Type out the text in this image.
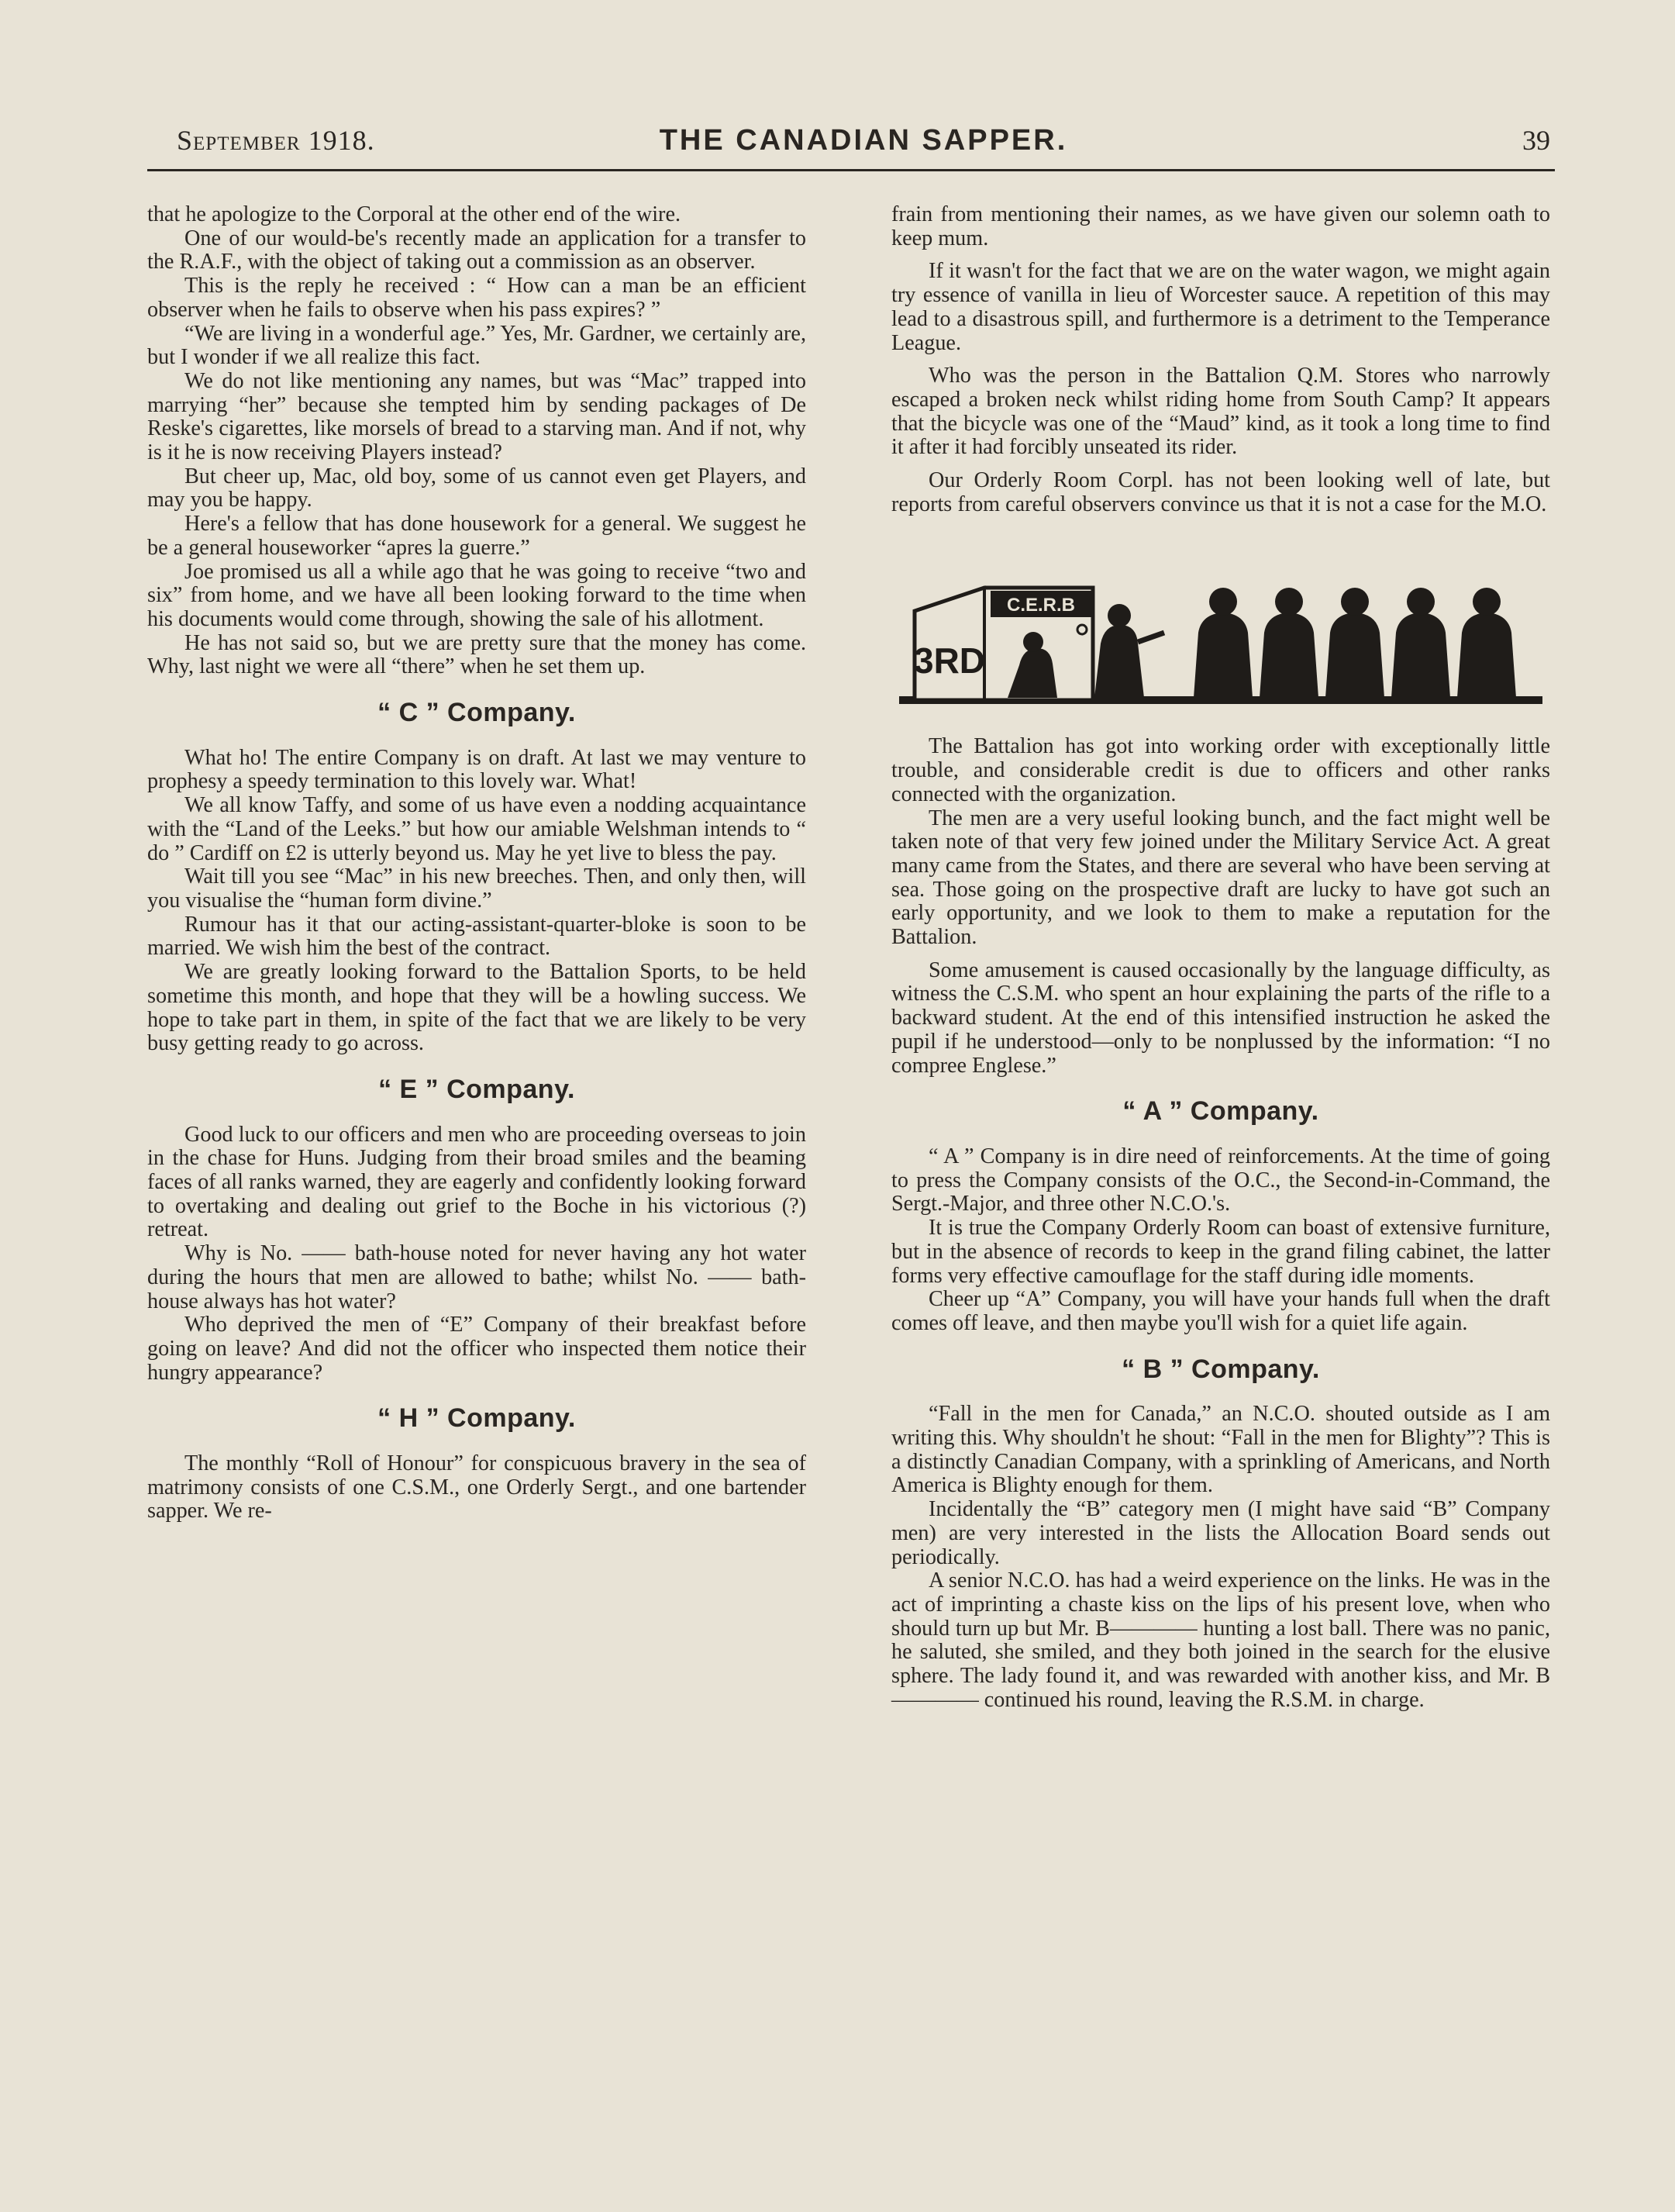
September 1918.	THE CANADIAN SAPPER.	39

that he apologize to the Corporal at the other end of the wire.

One of our would-be's recently made an application for a transfer to the R.A.F., with the object of taking out a commission as an observer.

This is the reply he received : “ How can a man be an efficient observer when he fails to observe when his pass expires? ”

“We are living in a wonderful age.” Yes, Mr. Gardner, we certainly are, but I wonder if we all realize this fact.

We do not like mentioning any names, but was “Mac” trapped into marrying “her” because she tempted him by sending packages of De Reske's cigarettes, like morsels of bread to a starving man. And if not, why is it he is now receiving Players instead?

But cheer up, Mac, old boy, some of us cannot even get Players, and may you be happy.

Here's a fellow that has done housework for a general. We suggest he be a general houseworker “apres la guerre.”

Joe promised us all a while ago that he was going to receive “two and six” from home, and we have all been looking forward to the time when his documents would come through, showing the sale of his allotment.

He has not said so, but we are pretty sure that the money has come. Why, last night we were all “there” when he set them up.

“ C ” Company.

What ho! The entire Company is on draft. At last we may venture to prophesy a speedy termination to this lovely war. What!

We all know Taffy, and some of us have even a nodding acquaintance with the “Land of the Leeks.” but how our amiable Welshman intends to “ do ” Cardiff on £2 is utterly beyond us. May he yet live to bless the pay.

Wait till you see “Mac” in his new breeches. Then, and only then, will you visualise the “human form divine.”

Rumour has it that our acting-assistant-quarter-bloke is soon to be married. We wish him the best of the contract.

We are greatly looking forward to the Battalion Sports, to be held sometime this month, and hope that they will be a howling success. We hope to take part in them, in spite of the fact that we are likely to be very busy getting ready to go across.

“ E ” Company.

Good luck to our officers and men who are proceeding overseas to join in the chase for Huns. Judging from their broad smiles and the beaming faces of all ranks warned, they are eagerly and confidently looking forward to overtaking and dealing out grief to the Boche in his victorious (?) retreat.

Why is No. —— bath-house noted for never having any hot water during the hours that men are allowed to bathe; whilst No. —— bath-house always has hot water?

Who deprived the men of “E” Company of their breakfast before going on leave? And did not the officer who inspected them notice their hungry appearance?

“ H ” Company.

The monthly “Roll of Honour” for conspicuous bravery in the sea of matrimony consists of one C.S.M., one Orderly Sergt., and one bartender sapper. We re-

frain from mentioning their names, as we have given our solemn oath to keep mum.

If it wasn't for the fact that we are on the water wagon, we might again try essence of vanilla in lieu of Worcester sauce. A repetition of this may lead to a disastrous spill, and furthermore is a detriment to the Temperance League.

Who was the person in the Battalion Q.M. Stores who narrowly escaped a broken neck whilst riding home from South Camp? It appears that the bicycle was one of the “Maud” kind, as it took a long time to find it after it had forcibly unseated its rider.

Our Orderly Room Corpl. has not been looking well of late, but reports from careful observers convince us that it is not a case for the M.O.

C.E.R.B
3RD

The Battalion has got into working order with exceptionally little trouble, and considerable credit is due to officers and other ranks connected with the organization.

The men are a very useful looking bunch, and the fact might well be taken note of that very few joined under the Military Service Act. A great many came from the States, and there are several who have been serving at sea. Those going on the prospective draft are lucky to have got such an early opportunity, and we look to them to make a reputation for the Battalion.

Some amusement is caused occasionally by the language difficulty, as witness the C.S.M. who spent an hour explaining the parts of the rifle to a backward student. At the end of this intensified instruction he asked the pupil if he understood—only to be nonplussed by the information: “I no compree Englese.”

“ A ” Company.

“ A ” Company is in dire need of reinforcements. At the time of going to press the Company consists of the O.C., the Second-in-Command, the Sergt.-Major, and three other N.C.O.'s.

It is true the Company Orderly Room can boast of extensive furniture, but in the absence of records to keep in the grand filing cabinet, the latter forms very effective camouflage for the staff during idle moments.

Cheer up “A” Company, you will have your hands full when the draft comes off leave, and then maybe you'll wish for a quiet life again.

“ B ” Company.

“Fall in the men for Canada,” an N.C.O. shouted outside as I am writing this. Why shouldn't he shout: “Fall in the men for Blighty”? This is a distinctly Canadian Company, with a sprinkling of Americans, and North America is Blighty enough for them.

Incidentally the “B” category men (I might have said “B” Company men) are very interested in the lists the Allocation Board sends out periodically.

A senior N.C.O. has had a weird experience on the links. He was in the act of imprinting a chaste kiss on the lips of his present love, when who should turn up but Mr. B———— hunting a lost ball. There was no panic, he saluted, she smiled, and they both joined in the search for the elusive sphere. The lady found it, and was rewarded with another kiss, and Mr. B———— continued his round, leaving the R.S.M. in charge.
